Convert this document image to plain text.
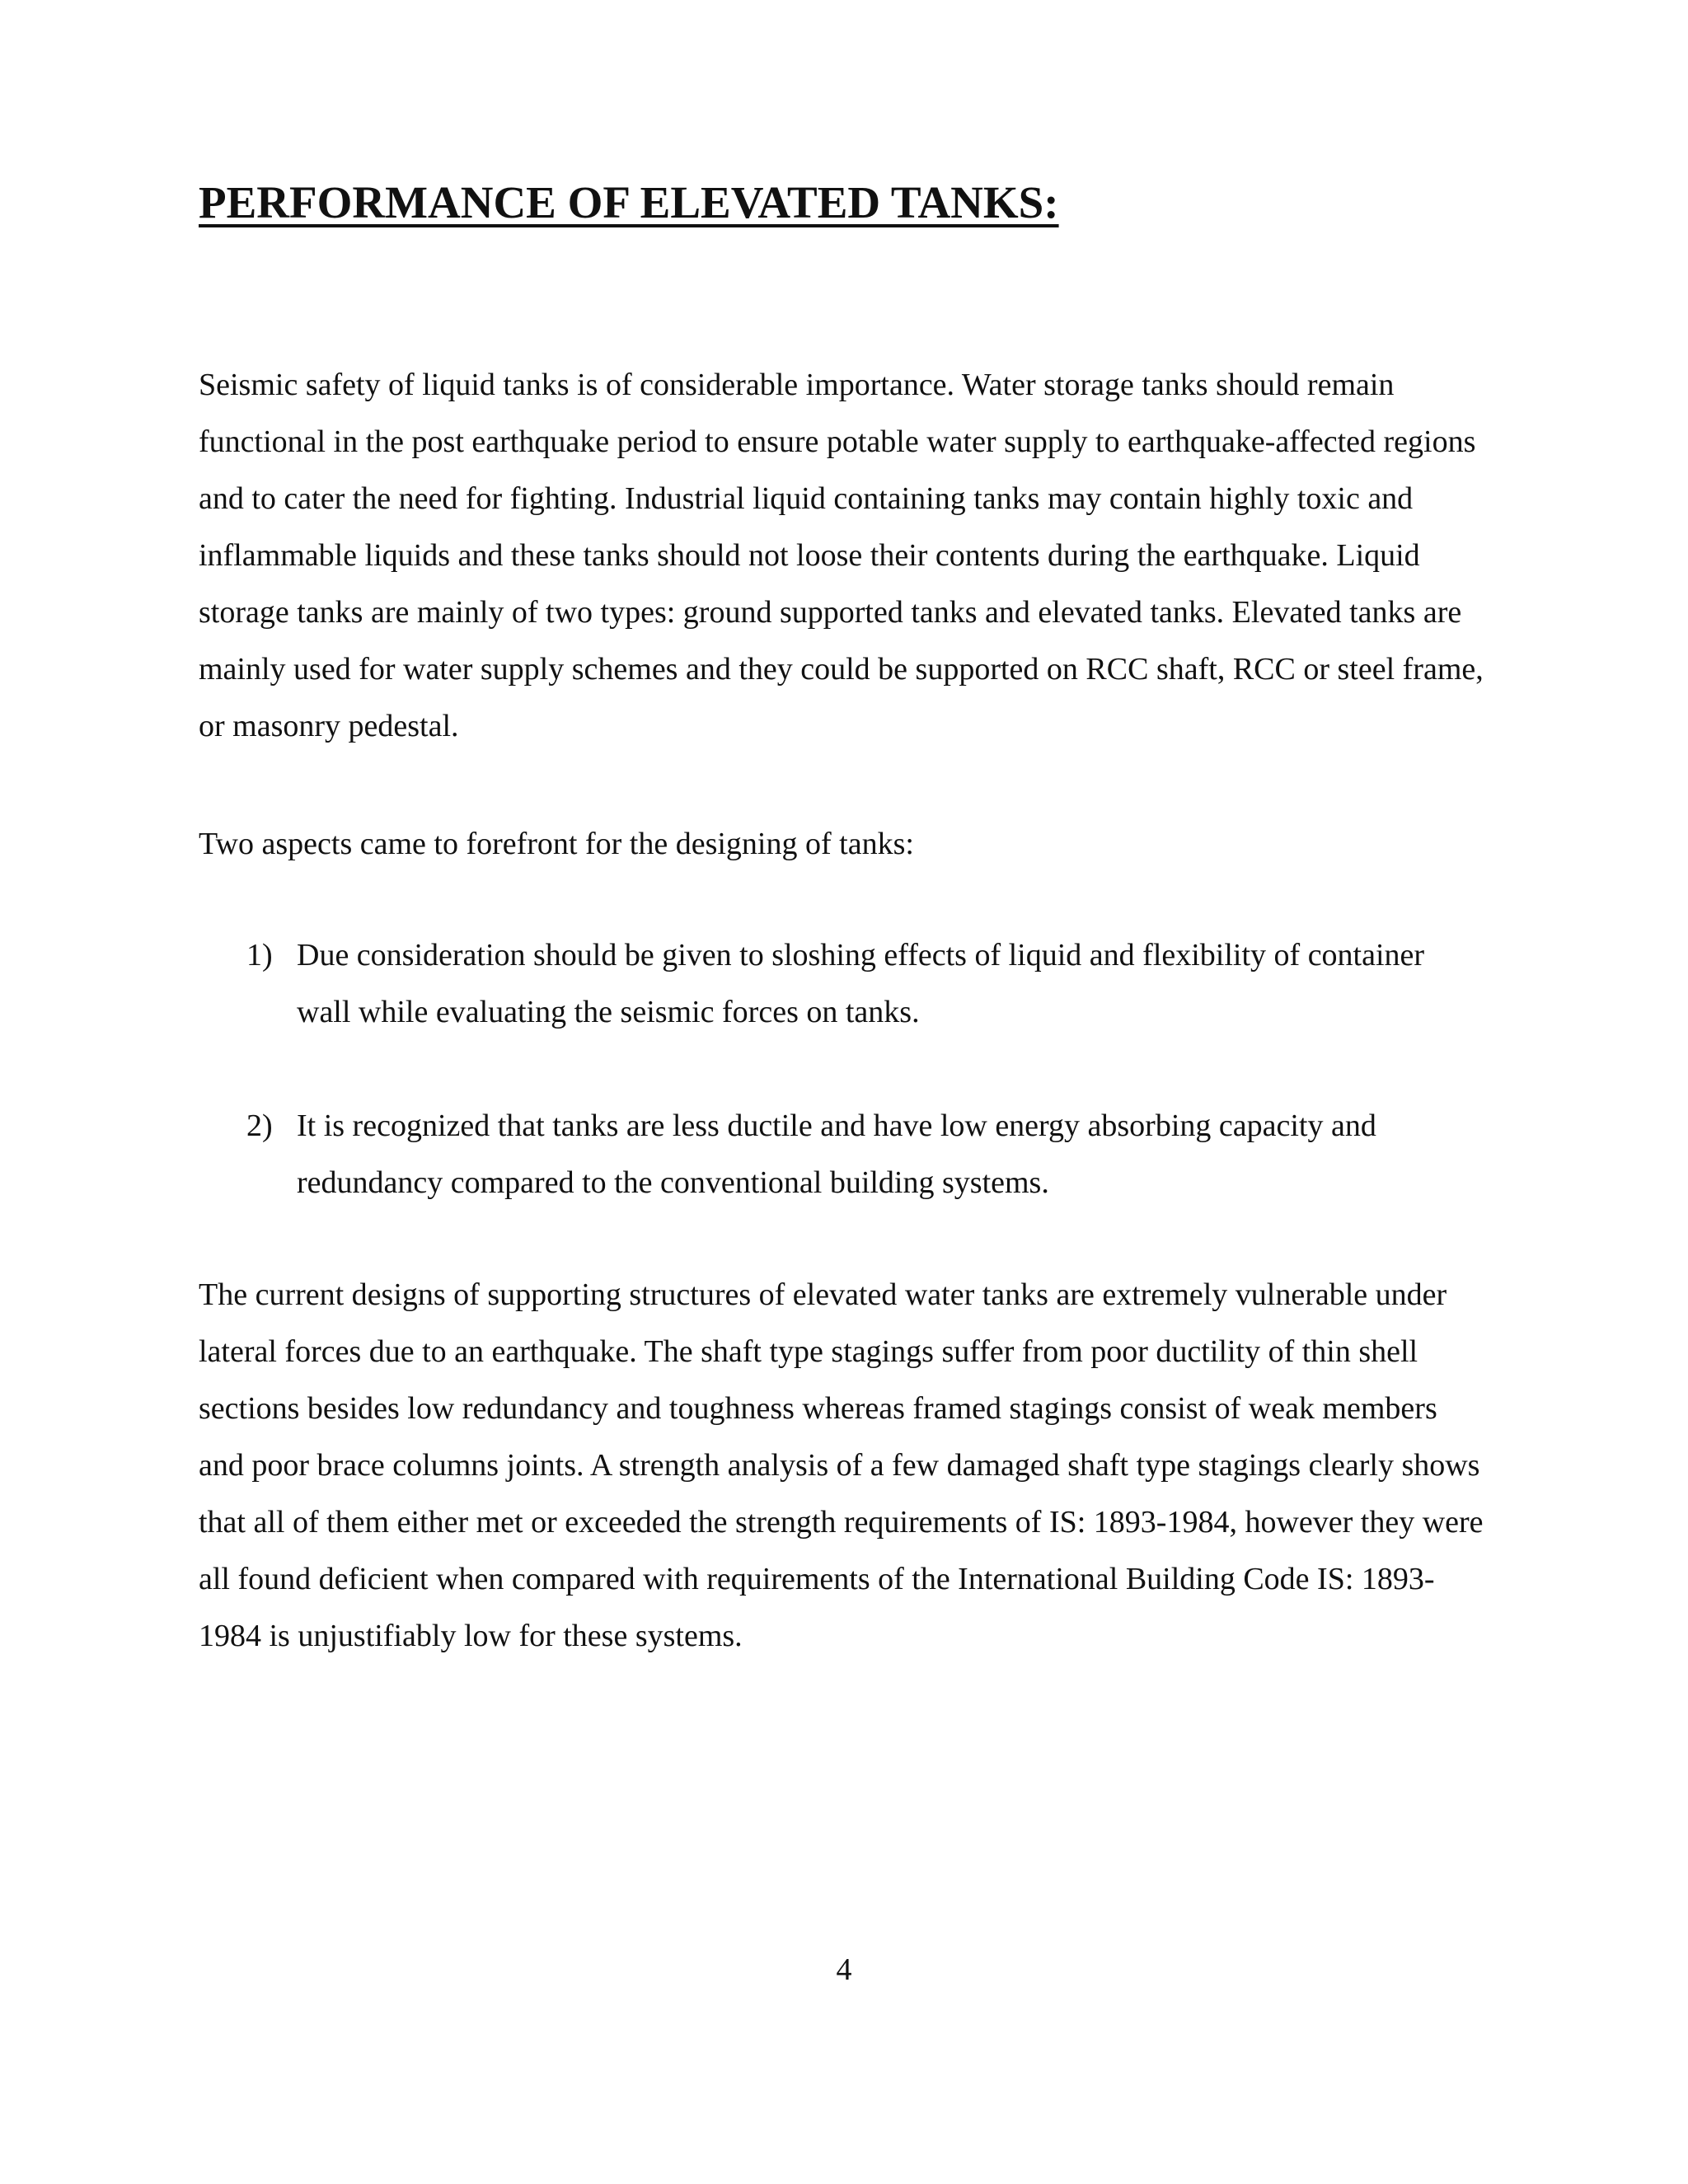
PERFORMANCE OF ELEVATED TANKS:

Seismic safety of liquid tanks is of considerable importance. Water storage tanks should remain functional in the post earthquake period to ensure potable water supply to earthquake-affected regions and to cater the need for fighting. Industrial liquid containing tanks may contain highly toxic and inflammable liquids and these tanks should not loose their contents during the earthquake. Liquid storage tanks are mainly of two types: ground supported tanks and elevated tanks. Elevated tanks are mainly used for water supply schemes and they could be supported on RCC shaft, RCC or steel frame, or masonry pedestal.

Two aspects came to forefront for the designing of tanks:

1) Due consideration should be given to sloshing effects of liquid and flexibility of container wall while evaluating the seismic forces on tanks.
2) It is recognized that tanks are less ductile and have low energy absorbing capacity and redundancy compared to the conventional building systems.

The current designs of supporting structures of elevated water tanks are extremely vulnerable under lateral forces due to an earthquake. The shaft type stagings suffer from poor ductility of thin shell sections besides low redundancy and toughness whereas framed stagings consist of weak members and poor brace columns joints. A strength analysis of a few damaged shaft type stagings clearly shows that all of them either met or exceeded the strength requirements of IS: 1893-1984, however they were all found deficient when compared with requirements of the International Building Code IS: 1893-1984 is unjustifiably low for these systems.

4
